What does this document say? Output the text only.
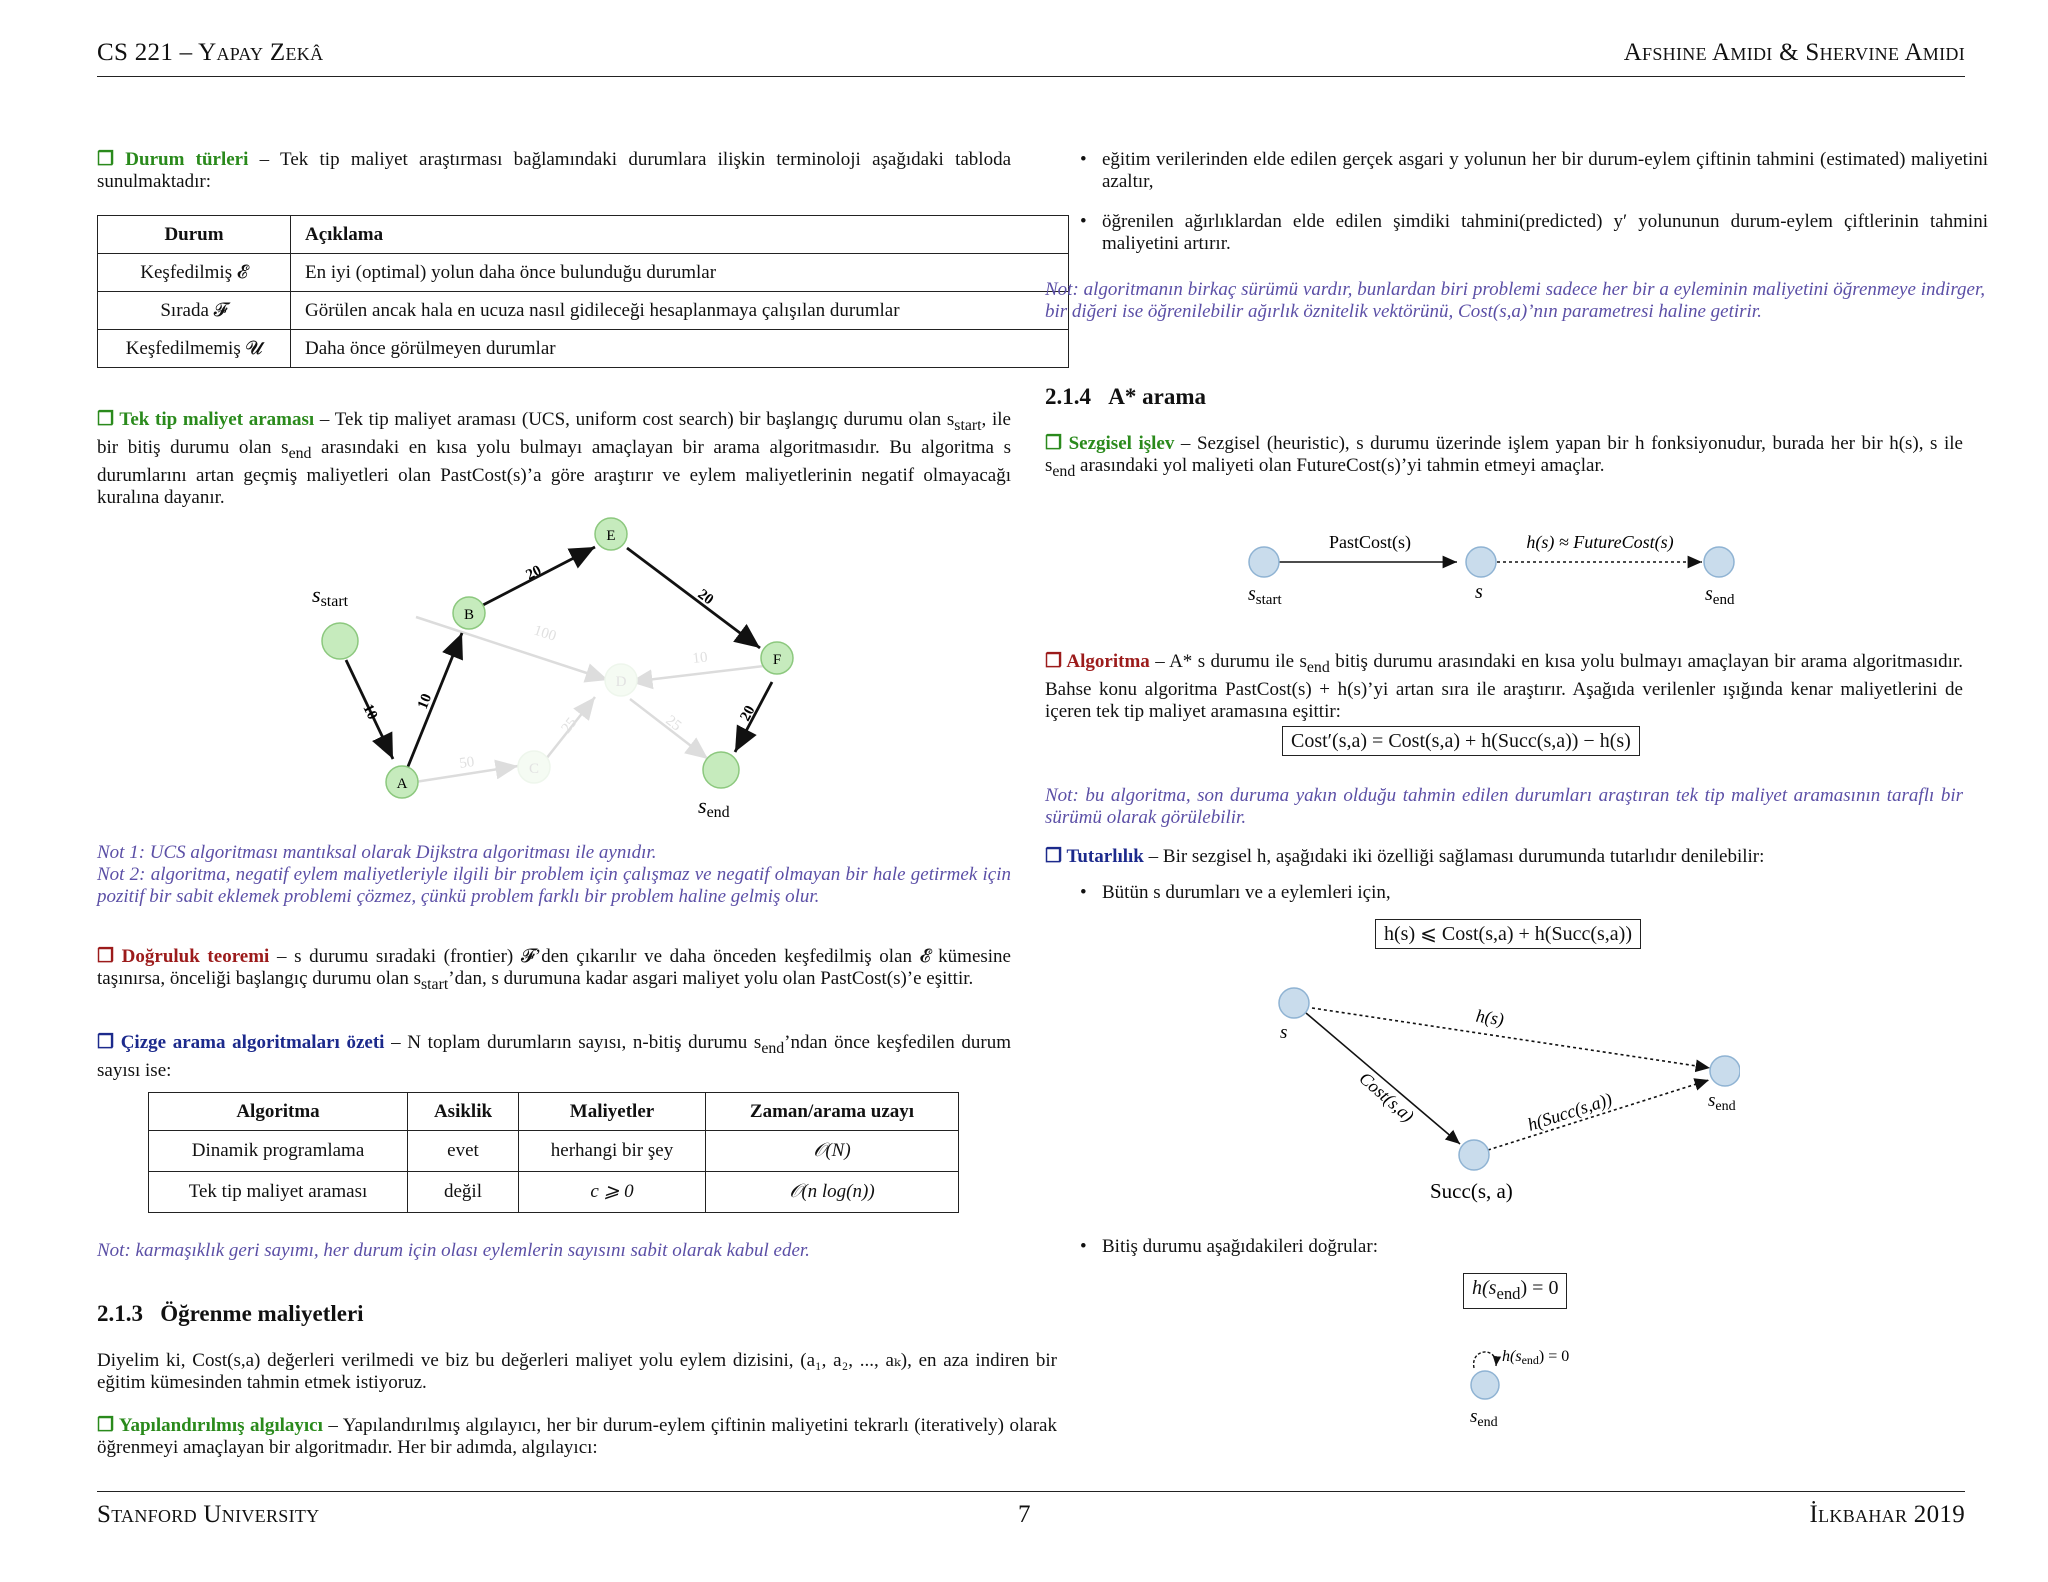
CS 221 – Yapay Zekâ	Afshine Amidi & Shervine Amidi
❒ Durum türleri – Tek tip maliyet araştırması bağlamındaki durumlara ilişkin terminoloji aşağıdaki tabloda sunulmaktadır:
Durum	Açıklama
Keşfedilmiş 𝓔	En iyi (optimal) yolun daha önce bulunduğu durumlar
Sırada 𝓕	Görülen ancak hala en ucuza nasıl gidileceği hesaplanmaya çalışılan durumlar
Keşfedilmemiş 𝓤	Daha önce görülmeyen durumlar
❒ Tek tip maliyet araması – Tek tip maliyet araması (UCS, uniform cost search) bir başlangıç durumu olan $s_{start}$, ile bir bitiş durumu olan $s_{end}$ arasındaki en kısa yolu bulmayı amaçlayan bir arama algoritmasıdır. Bu algoritma s durumlarını artan geçmiş maliyetleri olan PastCost(s)’a göre araştırır ve eylem maliyetlerinin negatif olmayacağı kuralına dayanır.
A
B
C
D
E
F
10
10
20
20
20
100
10
25	25
50
sstart
send
Not 1: UCS algoritması mantıksal olarak Dijkstra algoritması ile aynıdır.
Not 2: algoritma, negatif eylem maliyetleriyle ilgili bir problem için çalışmaz ve negatif olmayan bir hale getirmek için pozitif bir sabit eklemek problemi çözmez, çünkü problem farklı bir problem haline gelmiş olur.
❒ Doğruluk teoremi – s durumu sıradaki (frontier) 𝓕’den çıkarılır ve daha önceden keşfedilmiş olan 𝓔 kümesine taşınırsa, önceliği başlangıç durumu olan $s_{start}’dan$, s durumuna kadar asgari maliyet yolu olan PastCost(s)’e eşittir.
❒ Çizge arama algoritmaları özeti – N toplam durumların sayısı, n-bitiş durumu $s_{end}’ndan$ önce keşfedilen durum sayısı ise:
Algoritma	Asiklik	Maliyetler	Zaman/arama uzayı
Dinamik programlama	evet	herhangi bir şey	𝒪(N)
Tek tip maliyet araması	değil	c ⩾ 0	𝒪(n log(n))
Not: karmaşıklık geri sayımı, her durum için olası eylemlerin sayısını sabit olarak kabul eder.
2.1.3 Öğrenme maliyetleri
Diyelim ki, Cost(s,a) değerleri verilmedi ve biz bu değerleri maliyet yolu eylem dizisini, (a₁, a₂, ..., aₖ), en aza indiren bir eğitim kümesinden tahmin etmek istiyoruz.
❒ Yapılandırılmış algılayıcı – Yapılandırılmış algılayıcı, her bir durum-eylem çiftinin maliyetini tekrarlı (iteratively) olarak öğrenmeyi amaçlayan bir algoritmadır. Her bir adımda, algılayıcı:
• eğitim verilerinden elde edilen gerçek asgari y yolunun her bir durum-eylem çiftinin tahmini (estimated) maliyetini azaltır,
• öğrenilen ağırlıklardan elde edilen şimdiki tahmini(predicted) y′ yolununun durum-eylem çiftlerinin tahmini maliyetini artırır.
Not: algoritmanın birkaç sürümü vardır, bunlardan biri problemi sadece her bir a eyleminin maliyetini öğrenmeye indirger, bir diğeri ise öğrenilebilir ağırlık öznitelik vektörünü, Cost(s,a)’nın parametresi haline getirir.
2.1.4 A* arama
❒ Sezgisel işlev – Sezgisel (heuristic), s durumu üzerinde işlem yapan bir h fonksiyonudur, burada her bir h(s), s ile $s_{end}$ arasındaki yol maliyeti olan FutureCost(s)’yi tahmin etmeyi amaçlar.
PastCost(s)	h(s) ≈ FutureCost(s)
$s_{start}$	s	$s_{end}$
❒ Algoritma – A* s durumu ile $s_{end}$ bitiş durumu arasındaki en kısa yolu bulmayı amaçlayan bir arama algoritmasıdır. Bahse konu algoritma PastCost(s) + h(s)’yi artan sıra ile araştırır. Aşağıda verilenler ışığında kenar maliyetlerini de içeren tek tip maliyet aramasına eşittir:
Cost′(s,a) = Cost(s,a) + h(Succ(s,a)) − h(s)
Not: bu algoritma, son duruma yakın olduğu tahmin edilen durumları araştıran tek tip maliyet aramasının taraflı bir sürümü olarak görülebilir.
❒ Tutarlılık – Bir sezgisel h, aşağıdaki iki özelliği sağlaması durumunda tutarlıdır denilebilir:
• Bütün s durumları ve a eylemleri için,
h(s) ⩽ Cost(s,a) + h(Succ(s,a))
s
h(s)
Cost(s,a)	h(Succ(s,a))
Succ(s, a)
$s_{end}$
• Bitiş durumu aşağıdakileri doğrular:
$h(s_{end}) = 0$
h(send) = 0
$s_{end}$
Stanford University	7	İlkbahar 2019
